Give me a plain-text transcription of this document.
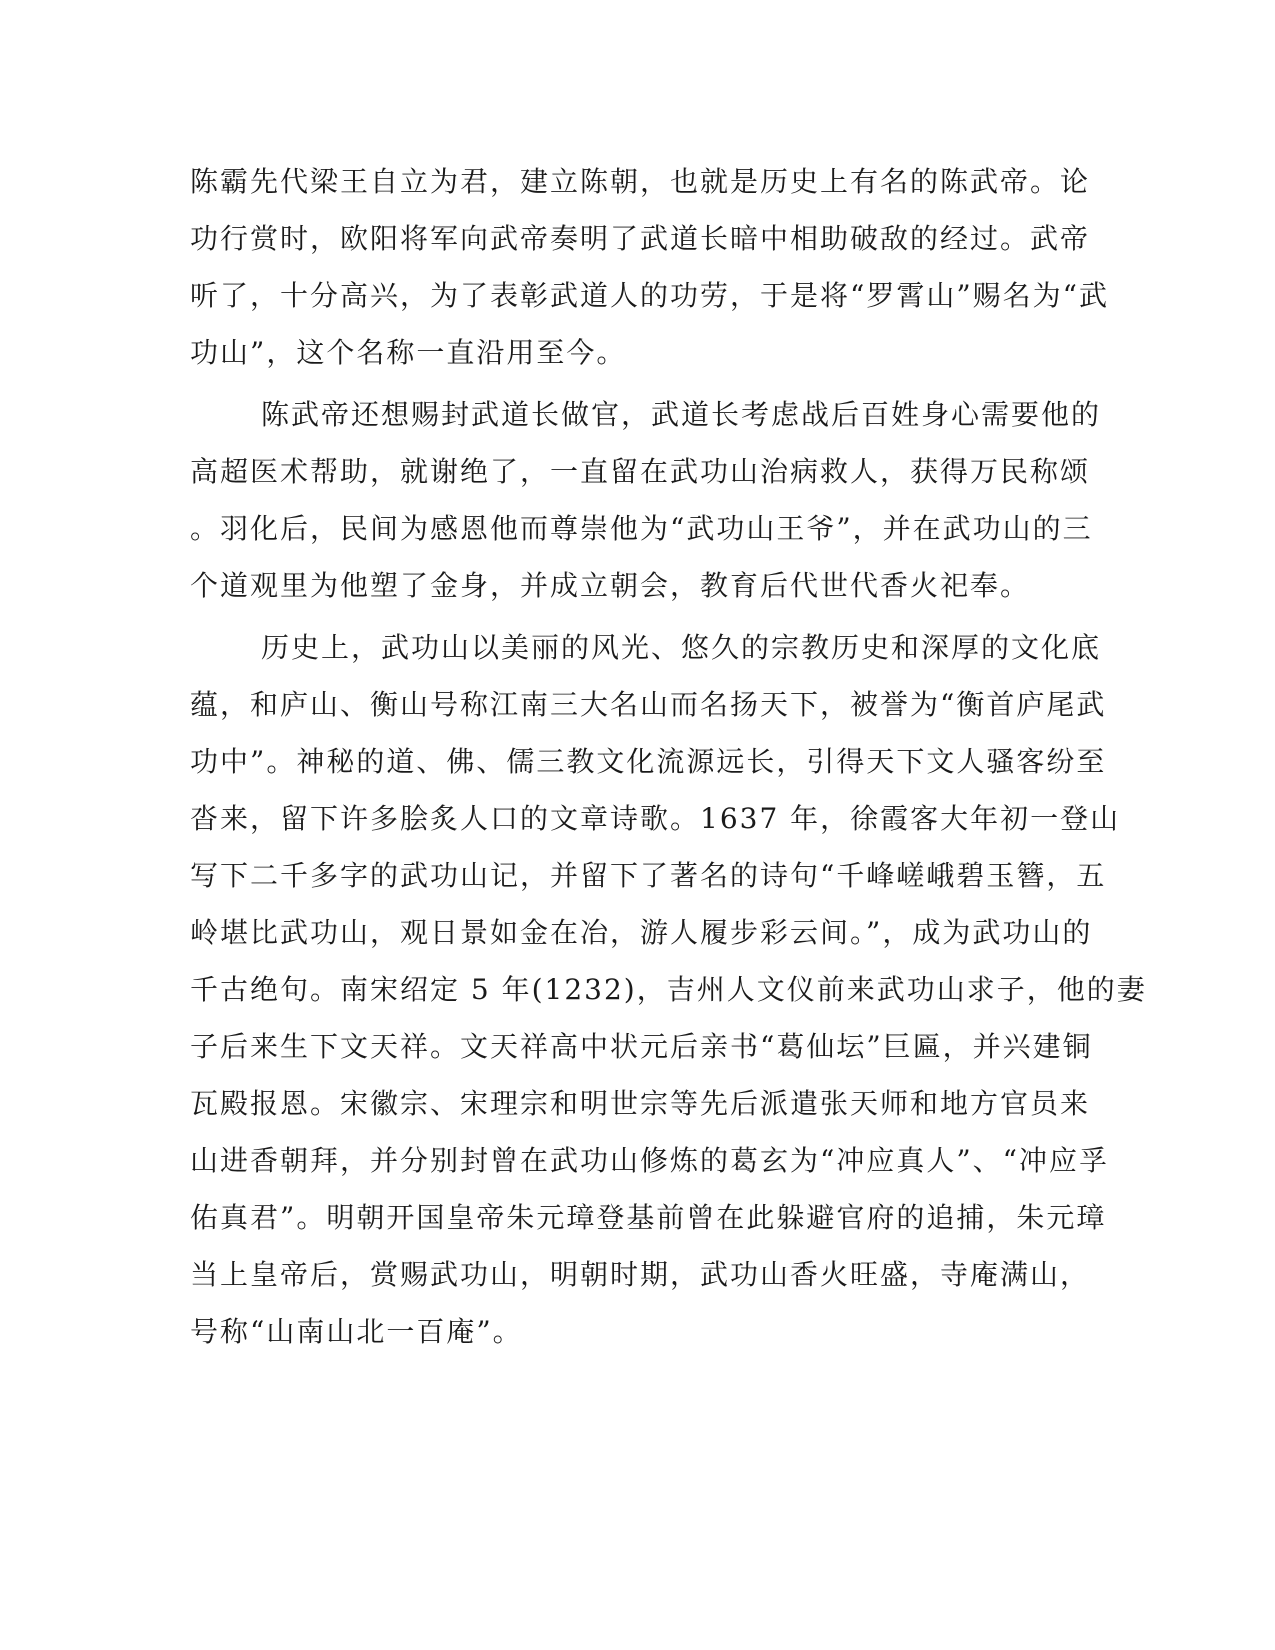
陈霸先代梁王自立为君，建立陈朝，也就是历史上有名的陈武帝。论
功行赏时，欧阳将军向武帝奏明了武道长暗中相助破敌的经过。武帝
听了，十分高兴，为了表彰武道人的功劳，于是将“罗霄山”赐名为“武
功山”，这个名称一直沿用至今。
陈武帝还想赐封武道长做官，武道长考虑战后百姓身心需要他的
高超医术帮助，就谢绝了，一直留在武功山治病救人，获得万民称颂
。羽化后，民间为感恩他而尊崇他为“武功山王爷”，并在武功山的三
个道观里为他塑了金身，并成立朝会，教育后代世代香火祀奉。
历史上，武功山以美丽的风光、悠久的宗教历史和深厚的文化底
蕴，和庐山、衡山号称江南三大名山而名扬天下，被誉为“衡首庐尾武
功中”。神秘的道、佛、儒三教文化流源远长，引得天下文人骚客纷至
沓来，留下许多脍炙人口的文章诗歌。1637 年，徐霞客大年初一登山
写下二千多字的武功山记，并留下了著名的诗句“千峰嵯峨碧玉簪，五
岭堪比武功山，观日景如金在冶，游人履步彩云间。”，成为武功山的
千古绝句。南宋绍定 5 年(1232)，吉州人文仪前来武功山求子，他的妻
子后来生下文天祥。文天祥高中状元后亲书“葛仙坛”巨匾，并兴建铜
瓦殿报恩。宋徽宗、宋理宗和明世宗等先后派遣张天师和地方官员来
山进香朝拜，并分别封曾在武功山修炼的葛玄为“冲应真人”、“冲应孚
佑真君”。明朝开国皇帝朱元璋登基前曾在此躲避官府的追捕，朱元璋
当上皇帝后，赏赐武功山，明朝时期，武功山香火旺盛，寺庵满山，
号称“山南山北一百庵”。
